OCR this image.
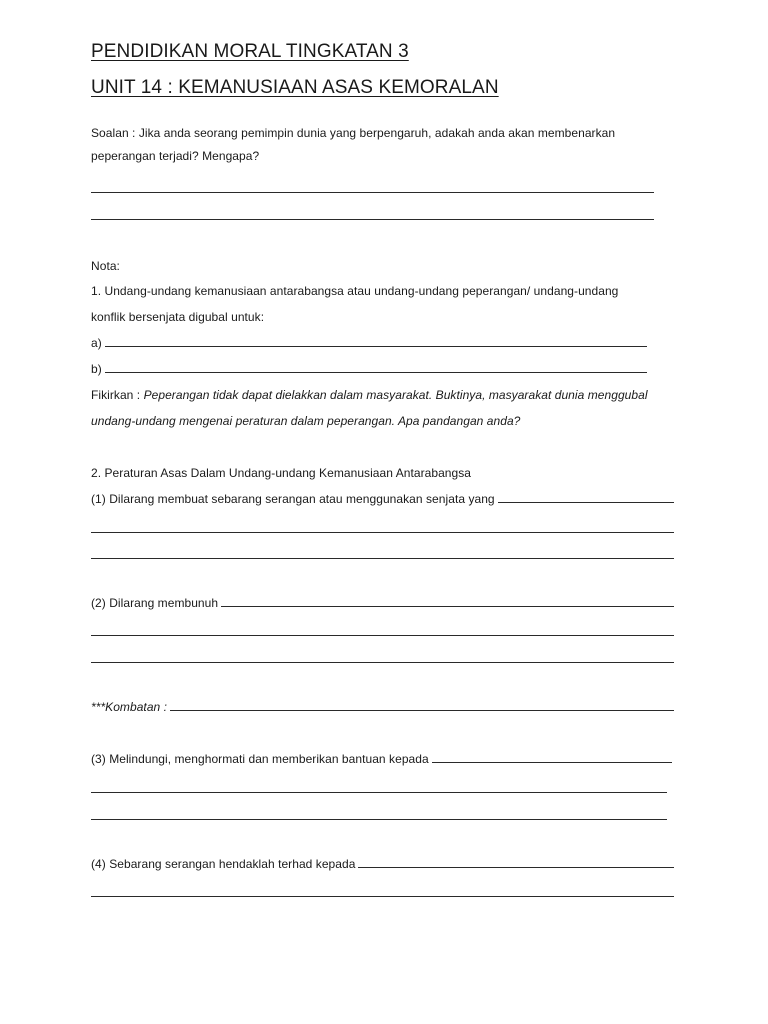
PENDIDIKAN MORAL TINGKATAN 3
UNIT 14 : KEMANUSIAAN ASAS KEMORALAN
Soalan : Jika anda seorang pemimpin dunia yang berpengaruh, adakah anda akan membenarkan
peperangan terjadi? Mengapa?
Nota:
1. Undang-undang kemanusiaan antarabangsa atau undang-undang peperangan/ undang-undang
konflik bersenjata digubal untuk:
a)
b)
Fikirkan : Peperangan tidak dapat dielakkan dalam masyarakat. Buktinya, masyarakat dunia menggubal
undang-undang mengenai peraturan dalam peperangan. Apa pandangan anda?
2. Peraturan Asas Dalam Undang-undang Kemanusiaan Antarabangsa
(1) Dilarang membuat sebarang serangan atau menggunakan senjata yang
(2) Dilarang membunuh
***Kombatan :
(3) Melindungi, menghormati dan memberikan bantuan kepada
(4) Sebarang serangan hendaklah terhad kepada
